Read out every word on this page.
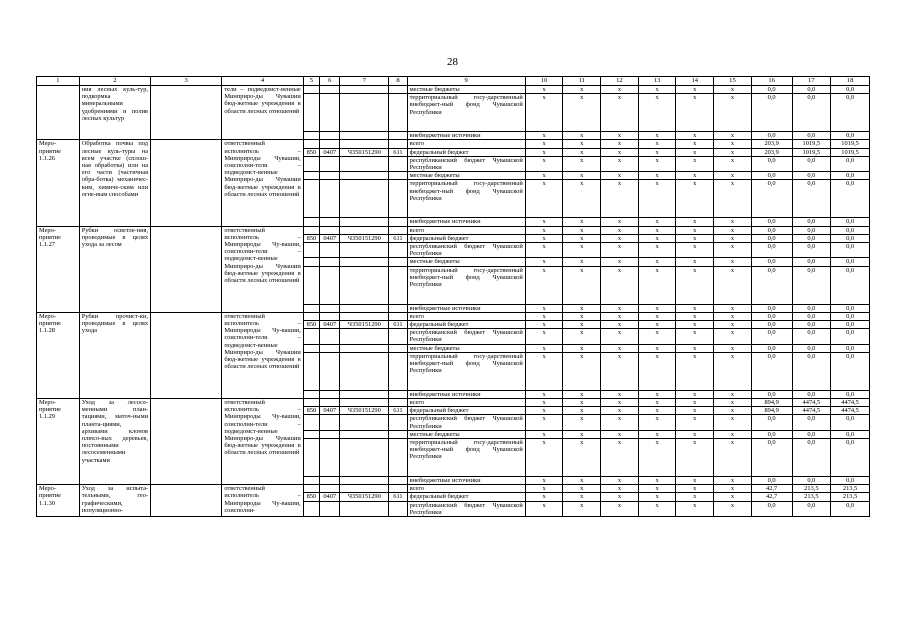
28
1	2	3	4	5	6	7	8	9	10	11	12	13	14	15	16	17	18
	ния лесных куль-тур, подкормка минеральными удобрениями и полив лесных культур		тели – подведомст-венные Минприро-ды Чувашии бюд-жетные учреждения в области лесных отношений					местные бюджеты	x	x	x	x	x	x	0,0	0,0	0,0
								территориальный госу-дарственный внебюджет-ный фонд Чувашской Республики	x	x	x	x	x	x	0,0	0,0	0,0
								внебюджетные источники	x	x	x	x	x	x	0,0	0,0	0,0
Меро-приятие 1.1.26	Обработка почвы под лесные куль-туры на всем участке (сплош-ная обработка) или на его части (частичная обра-ботка) механичес-ким, химиче-ским или огне-вым способами		ответственный исполнитель – Минприроды Чувашии, соисполни-тели – подведомст-венные Минприро-ды Чувашии бюд-жетные учреждения в области лесных отношений					всего	x	x	x	x	x	x	203,9	1019,5	1019,5
				850	0407	Ч350151290	611	федеральный бюджет	x	x	x	x	x	x	203,9	1019,5	1019,5
								республиканский бюджет Чувашской Республики	x	x	x	x	x	x	0,0	0,0	0,0
								местные бюджеты	x	x	x	x	x	x	0,0	0,0	0,0
								территориальный госу-дарственный внебюджет-ный фонд Чувашской Республики	x	x	x	x	x	x	0,0	0,0	0,0
								внебюджетные источники	x	x	x	x	x	x	0,0	0,0	0,0
Меро-приятие 1.1.27	Рубки осветле-ния, проводимые в целях ухода за лесом		ответственный исполнитель – Минприроды Чу-вашии, соисполни-тели – подведомст-венные Минприро-ды Чувашии бюд-жетные учреждения в области лесных отношений					всего	x	x	x	x	x	x	0,0	0,0	0,0
				850	0407	Ч350151290	611	федеральный бюджет	x	x	x	x	x	x	0,0	0,0	0,0
								республиканский бюджет Чувашской Республики	x	x	x	x	x	x	0,0	0,0	0,0
								местные бюджеты	x	x	x	x	x	x	0,0	0,0	0,0
								территориальный госу-дарственный внебюджет-ный фонд Чувашской Республики	x	x	x	x	x	x	0,0	0,0	0,0
								внебюджетные источники	x	x	x	x	x	x	0,0	0,0	0,0
Меро-приятие 1.1.28	Рубки прочист-ки, проводимые в целях ухода		ответственный исполнитель – Минприроды Чу-вашии, соисполни-тели – подведомст-венные Минприро-ды Чувашии бюд-жетные учреждения в области лесных отношений					всего	x	x	x	x	x	x	0,0	0,0	0,0
				850	0407	Ч350151290	611	федеральный бюджет	x	x	x	x	x	x	0,0	0,0	0,0
								республиканский бюджет Чувашской Республики	x	x	x	x	x	x	0,0	0,0	0,0
								местные бюджеты	x	x	x	x	x	x	0,0	0,0	0,0
								территориальный госу-дарственный внебюджет-ный фонд Чувашской Республики	x	x	x	x	x	x	0,0	0,0	0,0
								внебюджетные источники	x	x	x	x	x	x	0,0	0,0	0,0
Меро-приятие 1.1.29	Уход за лесосе-менными план-тациями, маточ-ными планта-циями, архивами клонов плюсо-вых деревьев, постоянными лесосеменными участками		ответственный исполнитель – Минприроды Чу-вашии, соисполни-тели – подведомст-венные Минприро-ды Чувашии бюд-жетные учреждения в области лесных отношений					всего	x	x	x	x	x	x	894,9	4474,5	4474,5
				850	0407	Ч350151290	611	федеральный бюджет	x	x	x	x	x	x	894,9	4474,5	4474,5
								республиканский бюджет Чувашской Республики	x	x	x	x	x	x	0,0	0,0	0,0
								местные бюджеты	x	x	x	x	x	x	0,0	0,0	0,0
								территориальный госу-дарственный внебюджет-ный фонд Чувашской Республики	x	x	x	x	x	x	0,0	0,0	0,0
								внебюджетные источники	x	x	x	x	x	x	0,0	0,0	0,0
Меро-приятие 1.1.30	Уход за испыта-тельными, гео-графическими, популяционно-		ответственный исполнитель – Минприроды Чу-вашии, соисполни-					всего	x	x	x	x	x	x	42,7	213,5	213,5
				850	0407	Ч350151290	611	федеральный бюджет	x	x	x	x	x	x	42,7	213,5	213,5
								республиканский бюджет Чувашской Республики	x	x	x	x	x	x	0,0	0,0	0,0
